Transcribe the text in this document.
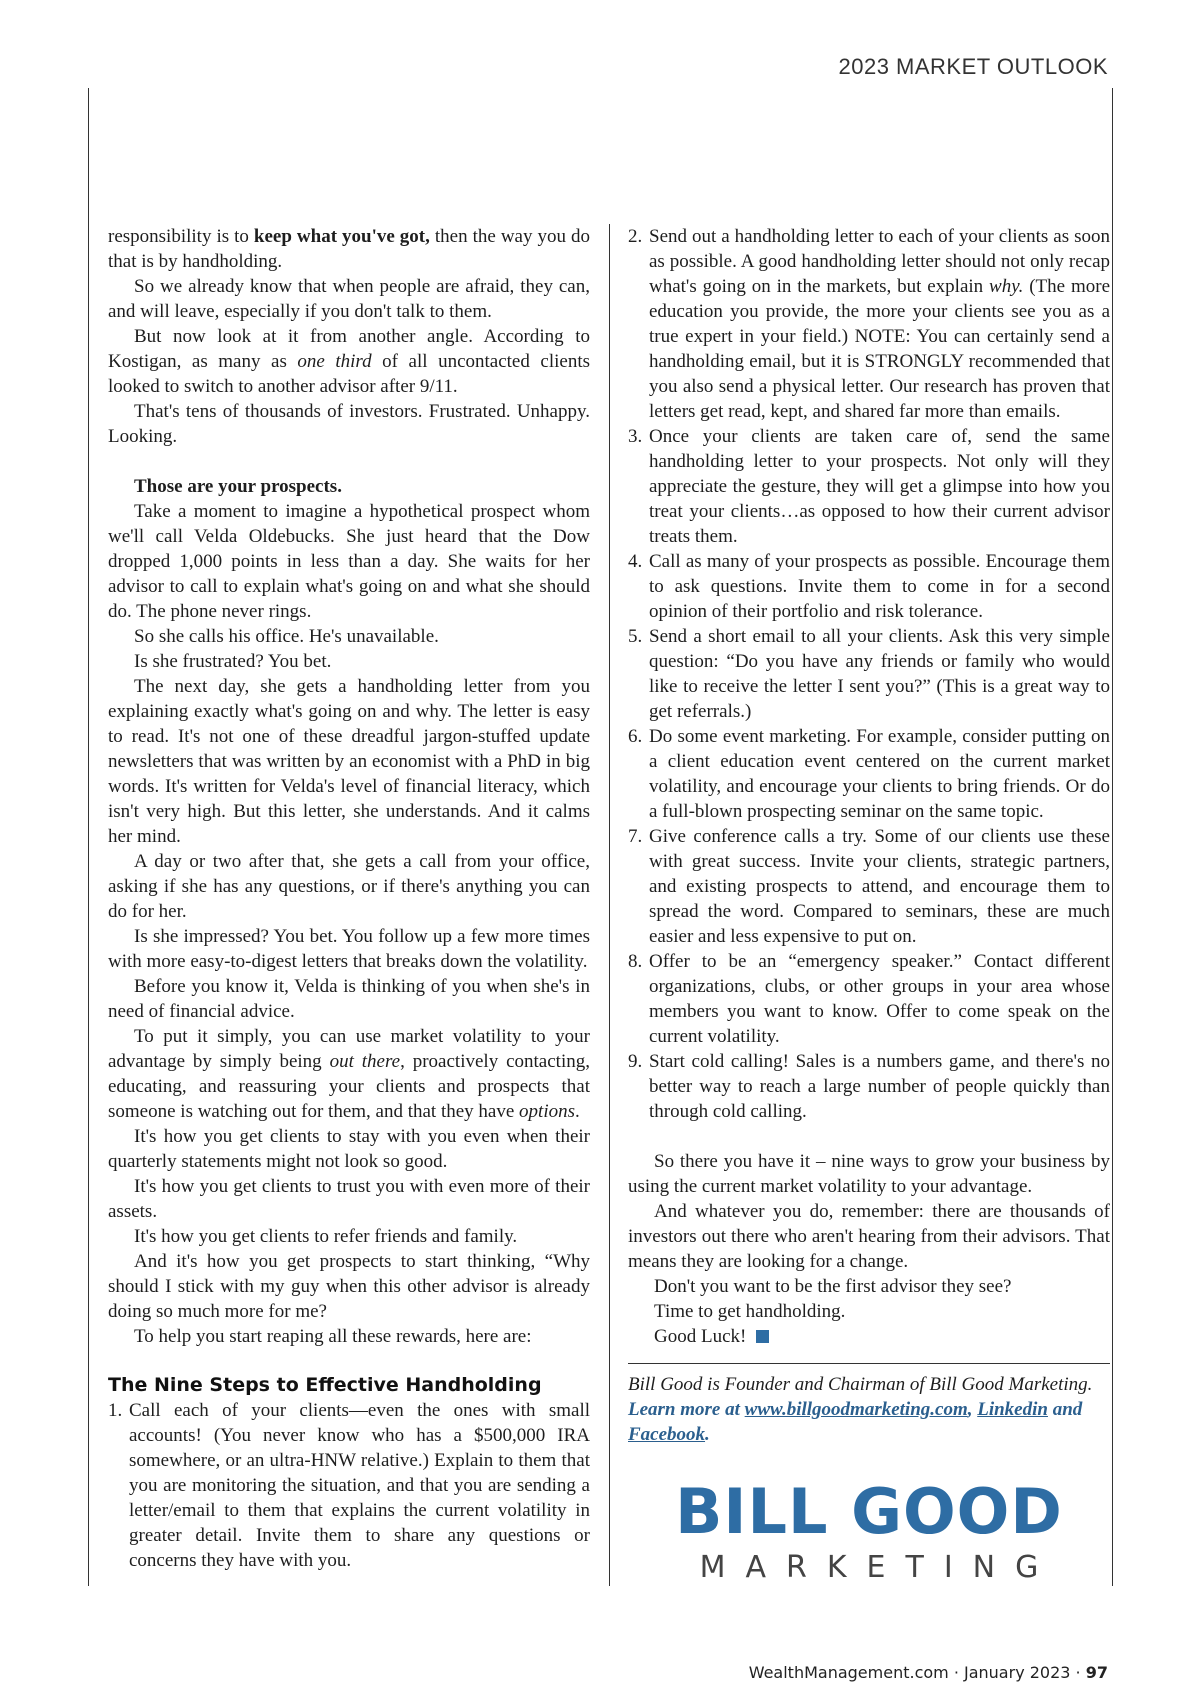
2023 MARKET OUTLOOK

responsibility is to keep what you've got, then the way you do that is by handholding.

So we already know that when people are afraid, they can, and will leave, especially if you don't talk to them.

But now look at it from another angle. According to Kostigan, as many as one third of all uncontacted clients looked to switch to another advisor after 9/11.

That's tens of thousands of investors. Frustrated. Unhappy. Looking.

Those are your prospects.

Take a moment to imagine a hypothetical prospect whom we'll call Velda Oldebucks. She just heard that the Dow dropped 1,000 points in less than a day. She waits for her advisor to call to explain what's going on and what she should do. The phone never rings.

So she calls his office. He's unavailable.

Is she frustrated? You bet.

The next day, she gets a handholding letter from you explaining exactly what's going on and why. The letter is easy to read. It's not one of these dreadful jargon-stuffed update newsletters that was written by an economist with a PhD in big words. It's written for Velda's level of financial literacy, which isn't very high. But this letter, she understands. And it calms her mind.

A day or two after that, she gets a call from your office, asking if she has any questions, or if there's anything you can do for her.

Is she impressed? You bet. You follow up a few more times with more easy-to-digest letters that breaks down the volatility.

Before you know it, Velda is thinking of you when she's in need of financial advice.

To put it simply, you can use market volatility to your advantage by simply being out there, proactively contacting, educating, and reassuring your clients and prospects that someone is watching out for them, and that they have options.

It's how you get clients to stay with you even when their quarterly statements might not look so good.

It's how you get clients to trust you with even more of their assets.

It's how you get clients to refer friends and family.

And it's how you get prospects to start thinking, “Why should I stick with my guy when this other advisor is already doing so much more for me?

To help you start reaping all these rewards, here are:

The Nine Steps to Effective Handholding
1. Call each of your clients—even the ones with small accounts! (You never know who has a $500,000 IRA somewhere, or an ultra-HNW relative.) Explain to them that you are monitoring the situation, and that you are sending a letter/email to them that explains the current volatility in greater detail. Invite them to share any questions or concerns they have with you.
2. Send out a handholding letter to each of your clients as soon as possible. A good handholding letter should not only recap what's going on in the markets, but explain why. (The more education you provide, the more your clients see you as a true expert in your field.) NOTE: You can certainly send a handholding email, but it is STRONGLY recommended that you also send a physical letter. Our research has proven that letters get read, kept, and shared far more than emails.
3. Once your clients are taken care of, send the same handholding letter to your prospects. Not only will they appreciate the gesture, they will get a glimpse into how you treat your clients…as opposed to how their current advisor treats them.
4. Call as many of your prospects as possible. Encourage them to ask questions. Invite them to come in for a second opinion of their portfolio and risk tolerance.
5. Send a short email to all your clients. Ask this very simple question: “Do you have any friends or family who would like to receive the letter I sent you?” (This is a great way to get referrals.)
6. Do some event marketing. For example, consider putting on a client education event centered on the current market volatility, and encourage your clients to bring friends. Or do a full-blown prospecting seminar on the same topic.
7. Give conference calls a try. Some of our clients use these with great success. Invite your clients, strategic partners, and existing prospects to attend, and encourage them to spread the word. Compared to seminars, these are much easier and less expensive to put on.
8. Offer to be an “emergency speaker.” Contact different organizations, clubs, or other groups in your area whose members you want to know. Offer to come speak on the current volatility.
9. Start cold calling! Sales is a numbers game, and there's no better way to reach a large number of people quickly than through cold calling.

So there you have it – nine ways to grow your business by using the current market volatility to your advantage.

And whatever you do, remember: there are thousands of investors out there who aren't hearing from their advisors. That means they are looking for a change.

Don't you want to be the first advisor they see?

Time to get handholding.

Good Luck!

Bill Good is Founder and Chairman of Bill Good Marketing.

Learn more at www.billgoodmarketing.com, Linkedin and Facebook.

BILL GOOD
MARKETING
WealthManagement.com · January 2023 · 97
